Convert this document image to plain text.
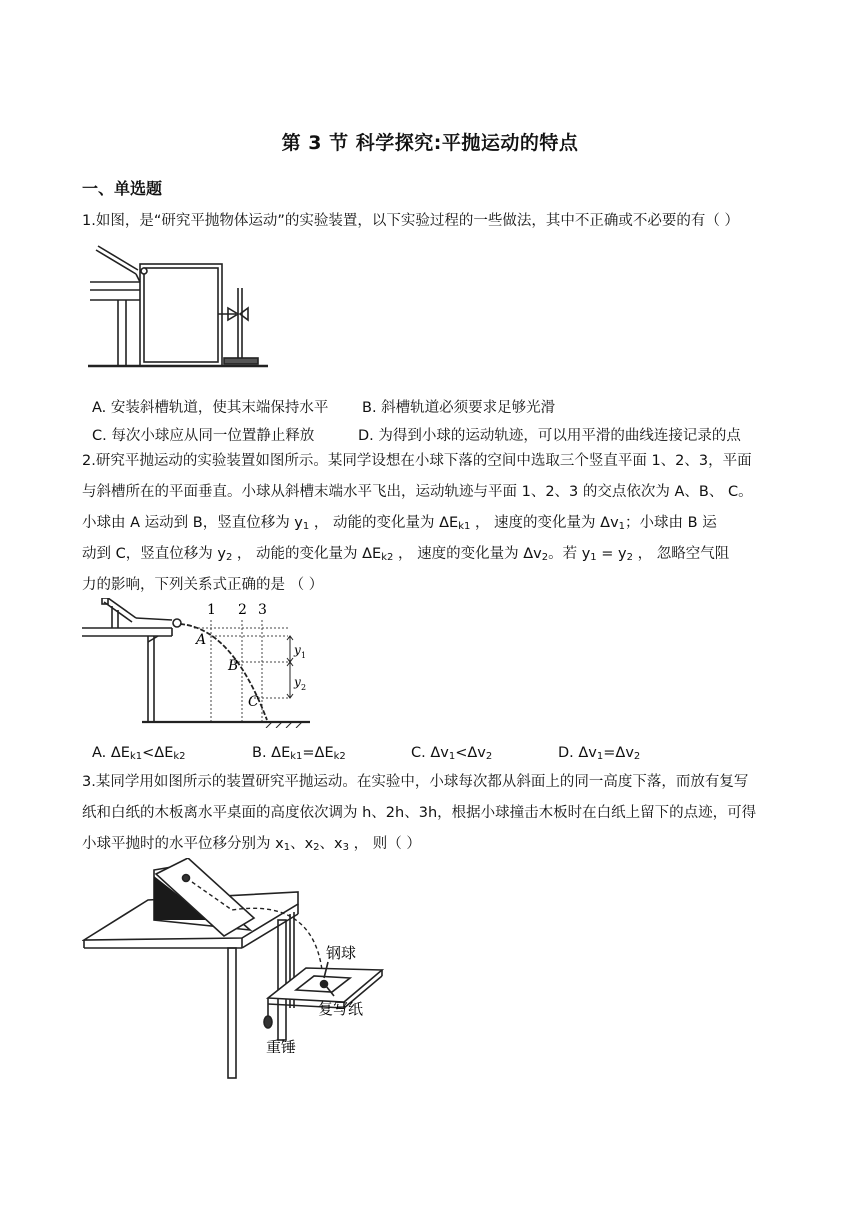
第 3 节 科学探究:平抛运动的特点
一、单选题
1.如图，是“研究平抛物体运动”的实验装置，以下实验过程的一些做法，其中不正确或不必要的有（ ）
A. 安装斜槽轨道，使其末端保持水平 B. 斜槽轨道必须要求足够光滑
C. 每次小球应从同一位置静止释放	D. 为得到小球的运动轨迹，可以用平滑的曲线连接记录的点
2.研究平抛运动的实验装置如图所示。某同学设想在小球下落的空间中选取三个竖直平面 1、2、3，平面
与斜槽所在的平面垂直。小球从斜槽末端水平飞出，运动轨迹与平面 1、2、3 的交点依次为 A、B、 C。
小球由 A 运动到 B，竖直位移为 $y_1$ ， 动能的变化量为 $\Delta E_{k1}$ ， 速度的变化量为 $\Delta v_1$；小球由 B 运
动到 C，竖直位移为 $y_2$ ， 动能的变化量为 $\Delta E_{k2}$ ， 速度的变化量为 $\Delta v_2$。若 $y_1 = y_2$ ， 忽略空气阻
力的影响，下列关系式正确的是 （ ）
1 2 3
A
B
C
y 1
y 2
A. $\Delta E_{k1}<\Delta E_{k2}$	B. $\Delta E_{k1}=\Delta E_{k2}$	C. $\Delta v_1<\Delta v_2$	D. $\Delta v_1=\Delta v_2$
3.某同学用如图所示的装置研究平抛运动。在实验中，小球每次都从斜面上的同一高度下落，而放有复写
纸和白纸的木板离水平桌面的高度依次调为 h、2h、3h，根据小球撞击木板时在白纸上留下的点迹，可得
小球平抛时的水平位移分别为 $x_1$、$x_2$、$x_3$ ， 则（ ）
钢球
复写纸
重锤
